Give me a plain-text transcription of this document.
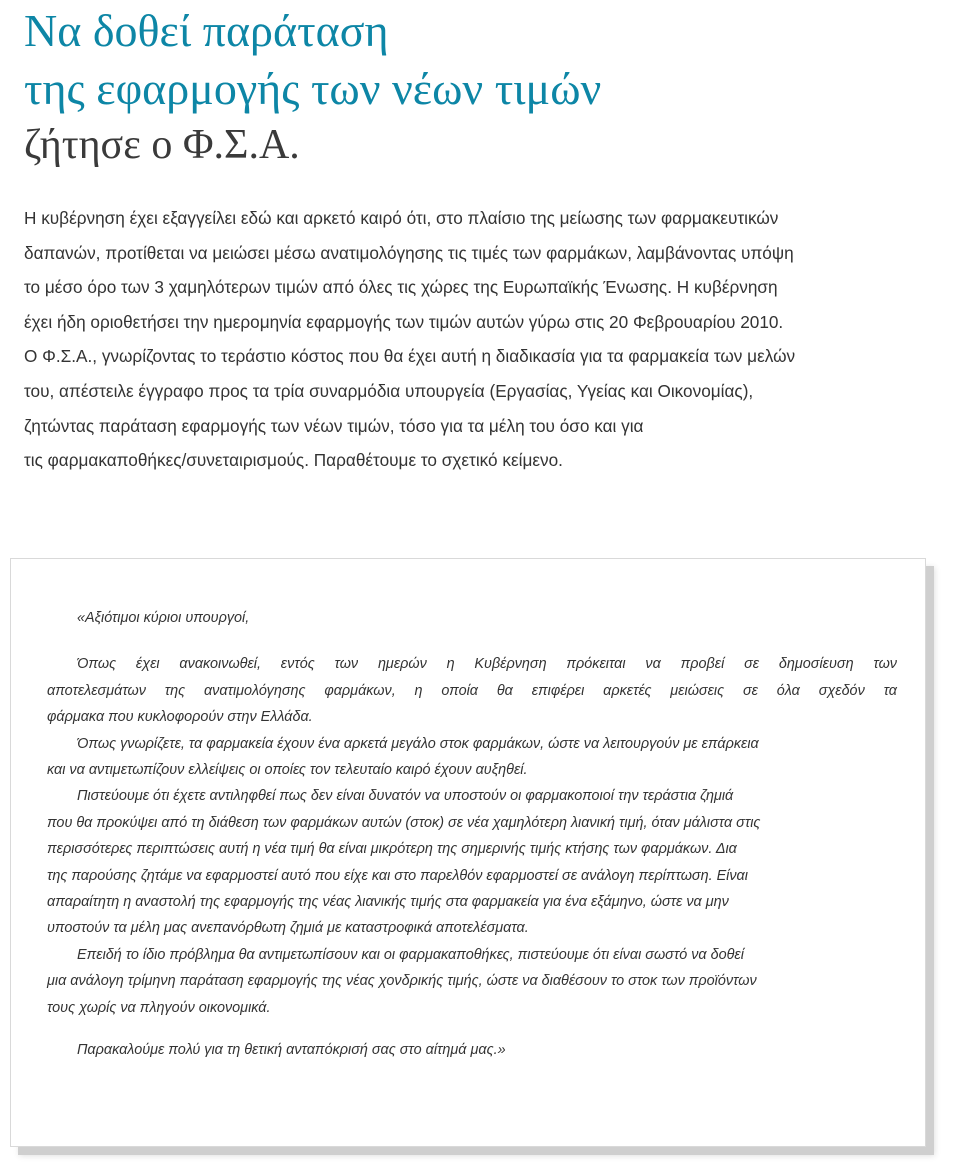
Να δοθεί παράταση
της εφαρμογής των νέων τιμών
ζήτησε ο Φ.Σ.Α.

Η κυβέρνηση έχει εξαγγείλει εδώ και αρκετό καιρό ότι, στο πλαίσιο της μείωσης των φαρμακευτικών
δαπανών, προτίθεται να μειώσει μέσω ανατιμολόγησης τις τιμές των φαρμάκων, λαμβάνοντας υπόψη
το μέσο όρο των 3 χαμηλότερων τιμών από όλες τις χώρες της Ευρωπαϊκής Ένωσης. Η κυβέρνηση
έχει ήδη οριοθετήσει την ημερομηνία εφαρμογής των τιμών αυτών γύρω στις 20 Φεβρουαρίου 2010.
Ο Φ.Σ.Α., γνωρίζοντας το τεράστιο κόστος που θα έχει αυτή η διαδικασία για τα φαρμακεία των μελών
του, απέστειλε έγγραφο προς τα τρία συναρμόδια υπουργεία (Εργασίας, Υγείας και Οικονομίας),
ζητώντας παράταση εφαρμογής των νέων τιμών, τόσο για τα μέλη του όσο και για
τις φαρμακαποθήκες/συνεταιρισμούς. Παραθέτουμε το σχετικό κείμενο.

«Αξιότιμοι κύριοι υπουργοί,
Όπως έχει ανακοινωθεί, εντός των ημερών η Κυβέρνηση πρόκειται να προβεί σε δημοσίευση των
αποτελεσμάτων της ανατιμολόγησης φαρμάκων, η οποία θα επιφέρει αρκετές μειώσεις σε όλα σχεδόν τα
φάρμακα που κυκλοφορούν στην Ελλάδα.
Όπως γνωρίζετε, τα φαρμακεία έχουν ένα αρκετά μεγάλο στοκ φαρμάκων, ώστε να λειτουργούν με επάρκεια
και να αντιμετωπίζουν ελλείψεις οι οποίες τον τελευταίο καιρό έχουν αυξηθεί.
Πιστεύουμε ότι έχετε αντιληφθεί πως δεν είναι δυνατόν να υποστούν οι φαρμακοποιοί την τεράστια ζημιά
που θα προκύψει από τη διάθεση των φαρμάκων αυτών (στοκ) σε νέα χαμηλότερη λιανική τιμή, όταν μάλιστα στις
περισσότερες περιπτώσεις αυτή η νέα τιμή θα είναι μικρότερη της σημερινής τιμής κτήσης των φαρμάκων. Δια
της παρούσης ζητάμε να εφαρμοστεί αυτό που είχε και στο παρελθόν εφαρμοστεί σε ανάλογη περίπτωση. Είναι
απαραίτητη η αναστολή της εφαρμογής της νέας λιανικής τιμής στα φαρμακεία για ένα εξάμηνο, ώστε να μην
υποστούν τα μέλη μας ανεπανόρθωτη ζημιά με καταστροφικά αποτελέσματα.
Επειδή το ίδιο πρόβλημα θα αντιμετωπίσουν και οι φαρμακαποθήκες, πιστεύουμε ότι είναι σωστό να δοθεί
μια ανάλογη τρίμηνη παράταση εφαρμογής της νέας χονδρικής τιμής, ώστε να διαθέσουν το στοκ των προϊόντων
τους χωρίς να πληγούν οικονομικά.
Παρακαλούμε πολύ για τη θετική ανταπόκρισή σας στο αίτημά μας.»
